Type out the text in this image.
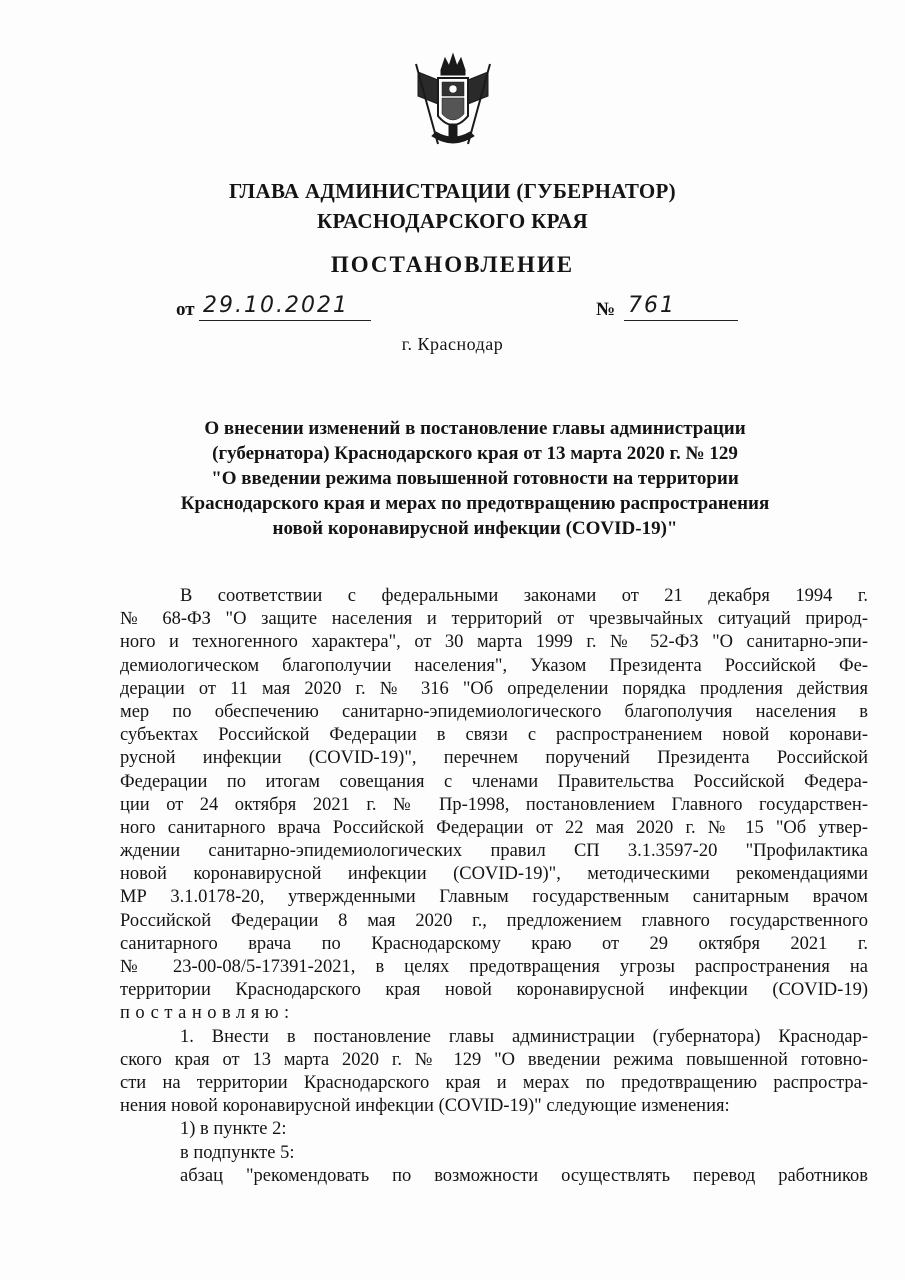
ГЛАВА АДМИНИСТРАЦИИ (ГУБЕРНАТОР)
КРАСНОДАРСКОГО КРАЯ
ПОСТАНОВЛЕНИЕ
от 29.10.2021	№ 761
г. Краснодар
О внесении изменений в постановление главы администрации
(губернатора) Краснодарского края от 13 марта 2020 г. № 129
"О введении режима повышенной готовности на территории
Краснодарского края и мерах по предотвращению распространения
новой коронавирусной инфекции (COVID-19)"
В соответствии с федеральными законами от 21 декабря 1994 г.
№ 68-ФЗ "О защите населения и территорий от чрезвычайных ситуаций природ-
ного и техногенного характера", от 30 марта 1999 г. № 52-ФЗ "О санитарно-эпи-
демиологическом благополучии населения", Указом Президента Российской Фе-
дерации от 11 мая 2020 г. № 316 "Об определении порядка продления действия
мер по обеспечению санитарно-эпидемиологического благополучия населения в
субъектах Российской Федерации в связи с распространением новой коронави-
русной инфекции (COVID-19)", перечнем поручений Президента Российской
Федерации по итогам совещания с членами Правительства Российской Федера-
ции от 24 октября 2021 г. № Пр-1998, постановлением Главного государствен-
ного санитарного врача Российской Федерации от 22 мая 2020 г. № 15 "Об утвер-
ждении санитарно-эпидемиологических правил СП 3.1.3597-20 "Профилактика
новой коронавирусной инфекции (COVID-19)", методическими рекомендациями
МР 3.1.0178-20, утвержденными Главным государственным санитарным врачом
Российской Федерации 8 мая 2020 г., предложением главного государственного
санитарного врача по Краснодарскому краю от 29 октября 2021 г.
№ 23-00-08/5-17391-2021, в целях предотвращения угрозы распространения на
территории Краснодарского края новой коронавирусной инфекции (COVID-19)
постановляю:
1. Внести в постановление главы администрации (губернатора) Краснодар-
ского края от 13 марта 2020 г. № 129 "О введении режима повышенной готовно-
сти на территории Краснодарского края и мерах по предотвращению распростра-
нения новой коронавирусной инфекции (COVID-19)" следующие изменения:
1) в пункте 2:
в подпункте 5:
абзац "рекомендовать по возможности осуществлять перевод работников
